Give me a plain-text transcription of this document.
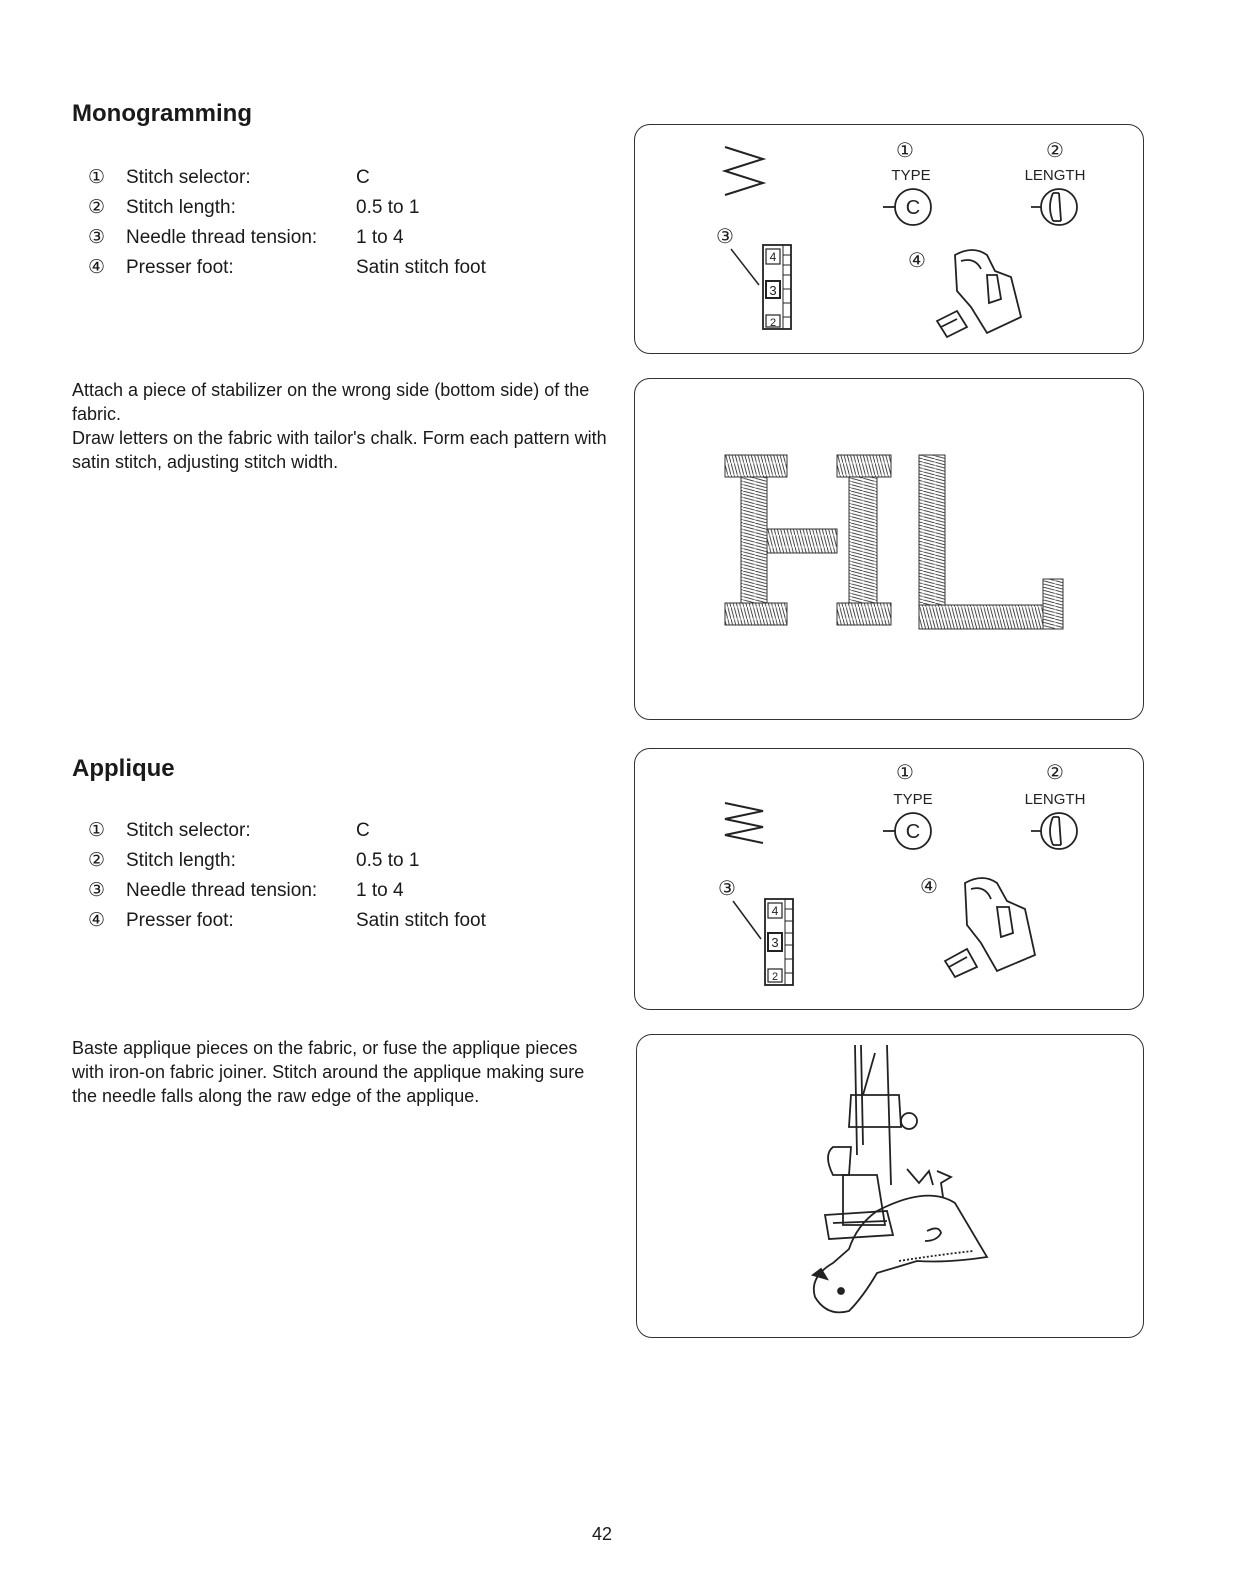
Monogramming
① Stitch selector:	C
② Stitch length:	0.5 to 1
③ Needle thread tension: 1 to 4
④ Presser foot:	Satin stitch foot

Attach a piece of stabilizer on the wrong side (bottom side) of the fabric.

Draw letters on the fabric with tailor's chalk. Form each pattern with satin stitch, adjusting stitch width.

①	②
TYPE	LENGTH
C
③
4
3
2
④
Applique
① Stitch selector:	C
② Stitch length:	0.5 to 1
③ Needle thread tension: 1 to 4
④ Presser foot:	Satin stitch foot

Baste applique pieces on the fabric, or fuse the applique pieces with iron-on fabric joiner. Stitch around the applique making sure the needle falls along the raw edge of the applique.

①	②
TYPE	LENGTH
C
③
4
3
2
④
42
